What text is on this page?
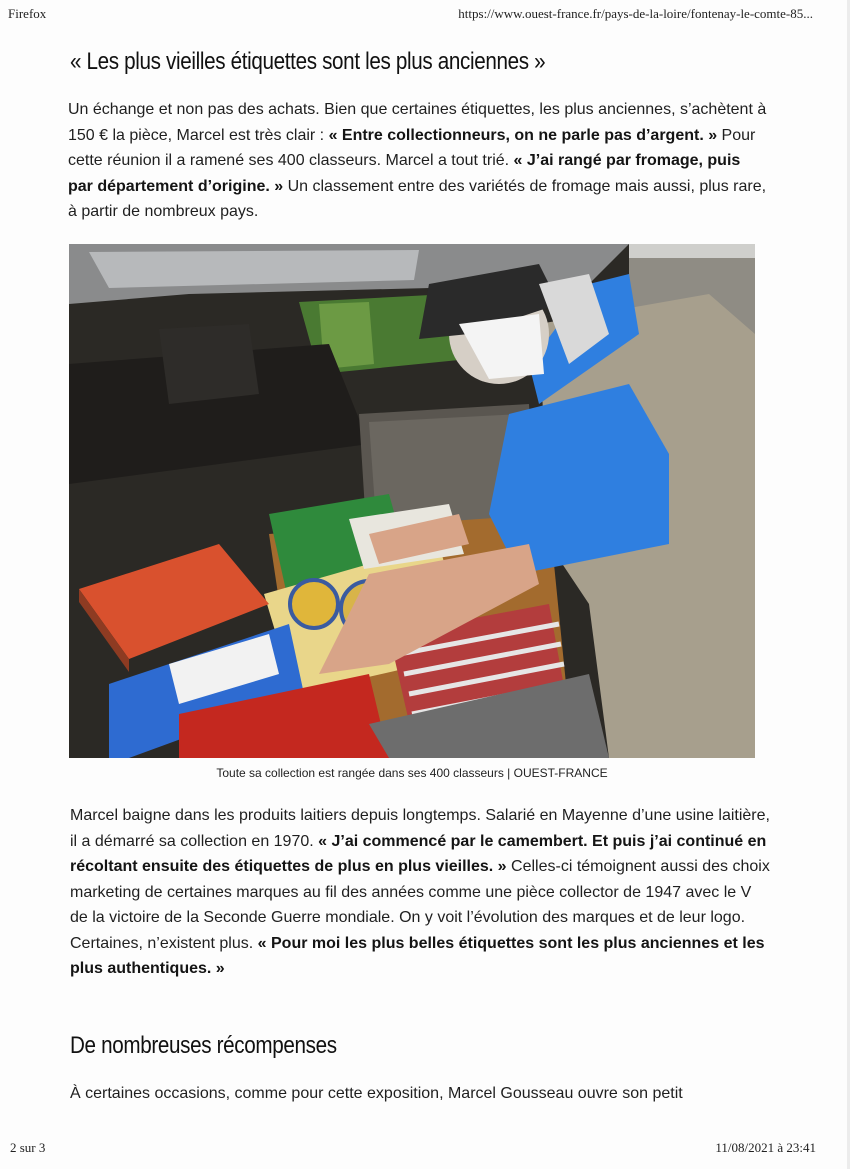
Firefox	https://www.ouest-france.fr/pays-de-la-loire/fontenay-le-comte-85...
« Les plus vieilles étiquettes sont les plus anciennes »

Un échange et non pas des achats. Bien que certaines étiquettes, les plus anciennes, s’achètent à 150 € la pièce, Marcel est très clair : « Entre collectionneurs, on ne parle pas d’argent. » Pour cette réunion il a ramené ses 400 classeurs. Marcel a tout trié. « J’ai rangé par fromage, puis par département d’origine. » Un classement entre des variétés de fromage mais aussi, plus rare, à partir de nombreux pays.

Toute sa collection est rangée dans ses 400 classeurs | OUEST-FRANCE

Marcel baigne dans les produits laitiers depuis longtemps. Salarié en Mayenne d’une usine laitière, il a démarré sa collection en 1970. « J’ai commencé par le camembert. Et puis j’ai continué en récoltant ensuite des étiquettes de plus en plus vieilles. » Celles-ci témoignent aussi des choix marketing de certaines marques au fil des années comme une pièce collector de 1947 avec le V de la victoire de la Seconde Guerre mondiale. On y voit l’évolution des marques et de leur logo. Certaines, n’existent plus. « Pour moi les plus belles étiquettes sont les plus anciennes et les plus authentiques. »

De nombreuses récompenses

À certaines occasions, comme pour cette exposition, Marcel Gousseau ouvre son petit

2 sur 3	11/08/2021 à 23:41
